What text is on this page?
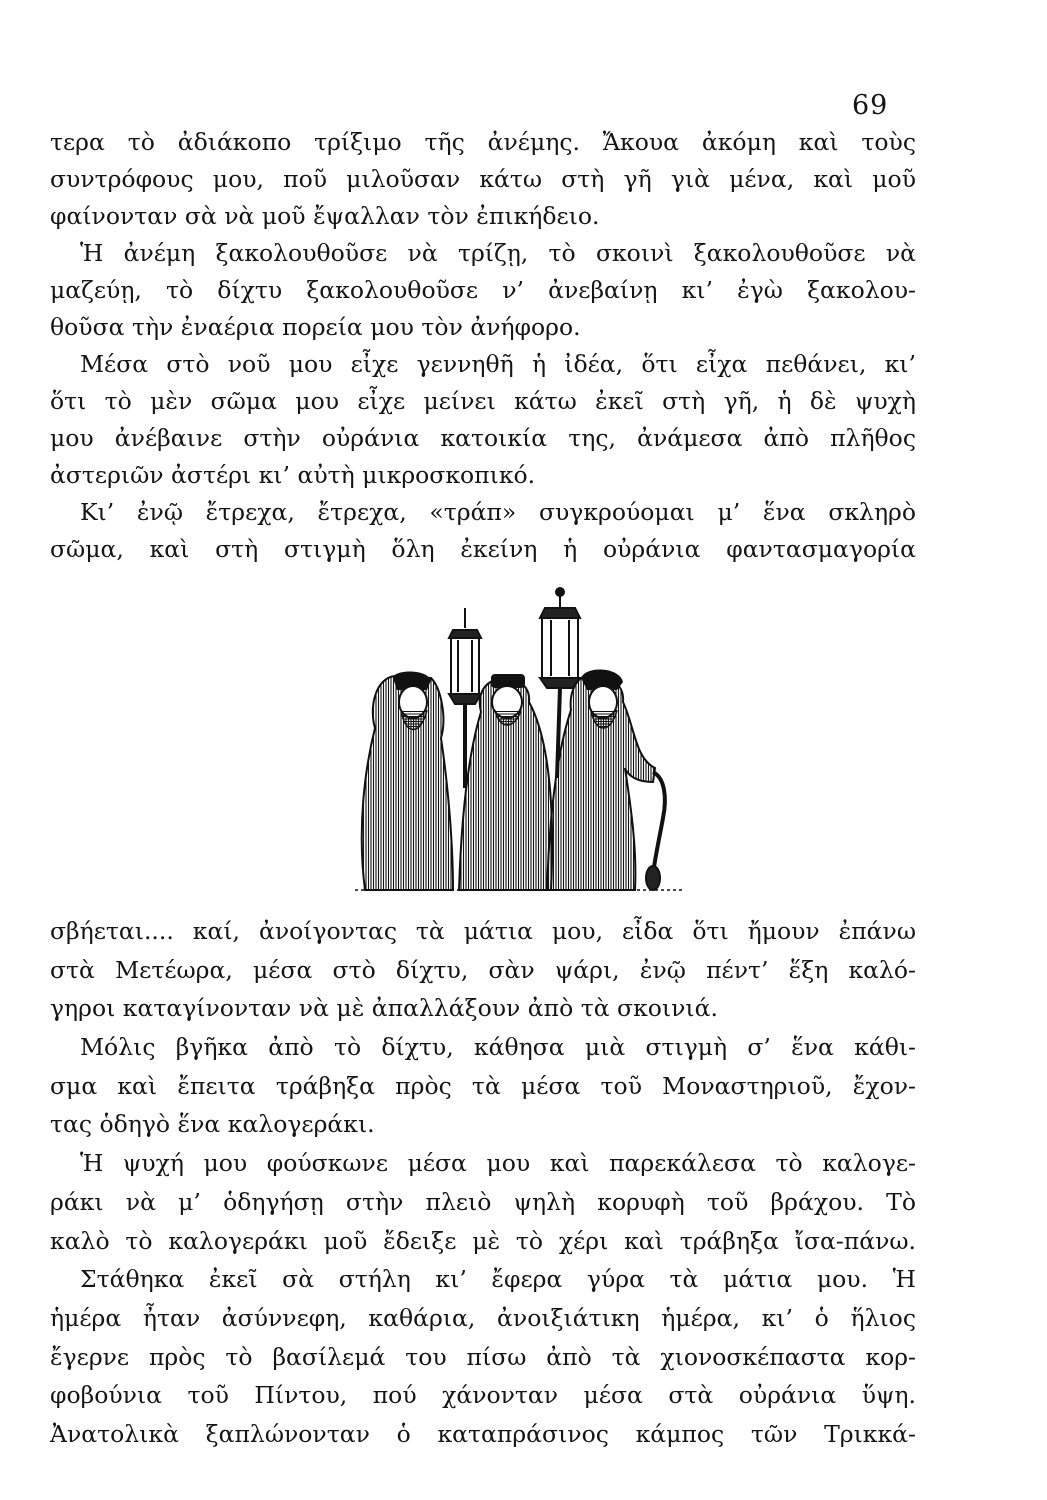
69
τερα τὸ ἀδιάκοπο τρίξιμο τῆς ἀνέμης. Ἄκουα ἀκόμη καὶ τοὺς
συντρόφους μου, ποῦ μιλοῦσαν κάτω στὴ γῆ γιὰ μένα, καὶ μοῦ
φαίνονταν σὰ νὰ μοῦ ἔψαλλαν τὸν ἐπικήδειο.
Ἡ ἀνέμη ξακολουθοῦσε νὰ τρίζῃ, τὸ σκοινὶ ξακολουθοῦσε νὰ
μαζεύῃ, τὸ δίχτυ ξακολουθοῦσε ν’ ἀνεβαίνῃ κι’ ἐγὼ ξακολου-
θοῦσα τὴν ἐναέρια πορεία μου τὸν ἀνήφορο.
Μέσα στὸ νοῦ μου εἶχε γεννηθῆ ἡ ἰδέα, ὅτι εἶχα πεθάνει, κι’
ὅτι τὸ μὲν σῶμα μου εἶχε μείνει κάτω ἐκεῖ στὴ γῆ, ἡ δὲ ψυχὴ
μου ἀνέβαινε στὴν οὐράνια κατοικία της, ἀνάμεσα ἀπὸ πλῆθος
ἀστεριῶν ἀστέρι κι’ αὐτὴ μικροσκοπικό.
Κι’ ἐνῷ ἔτρεχα, ἔτρεχα, «τράπ» συγκρούομαι μ’ ἕνα σκληρὸ
σῶμα, καὶ στὴ στιγμὴ ὅλη ἐκείνη ἡ οὐράνια φαντασμαγορία
σβήεται.... καί, ἀνοίγοντας τὰ μάτια μου, εἶδα ὅτι ἤμουν ἐπάνω
στὰ Μετέωρα, μέσα στὸ δίχτυ, σὰν ψάρι, ἐνῷ πέντ’ ἕξη καλό-
γηροι καταγίνονταν νὰ μὲ ἀπαλλάξουν ἀπὸ τὰ σκοινιά.
Μόλις βγῆκα ἀπὸ τὸ δίχτυ, κάθησα μιὰ στιγμὴ σ’ ἕνα κάθι-
σμα καὶ ἔπειτα τράβηξα πρὸς τὰ μέσα τοῦ Μοναστηριοῦ, ἔχον-
τας ὁδηγὸ ἕνα καλογεράκι.
Ἡ ψυχή μου φούσκωνε μέσα μου καὶ παρεκάλεσα τὸ καλογε-
ράκι νὰ μ’ ὁδηγήσῃ στὴν πλειὸ ψηλὴ κορυφὴ τοῦ βράχου. Τὸ
καλὸ τὸ καλογεράκι μοῦ ἔδειξε μὲ τὸ χέρι καὶ τράβηξα ἴσα-πάνω.
Στάθηκα ἐκεῖ σὰ στήλη κι’ ἔφερα γύρα τὰ μάτια μου. Ἡ
ἡμέρα ἦταν ἀσύννεφη, καθάρια, ἀνοιξιάτικη ἡμέρα, κι’ ὁ ἥλιος
ἔγερνε πρὸς τὸ βασίλεμά του πίσω ἀπὸ τὰ χιονοσκέπαστα κορ-
φοβούνια τοῦ Πίντου, πού χάνονταν μέσα στὰ οὐράνια ὕψη.
Ἀνατολικὰ ξαπλώνονταν ὁ καταπράσινος κάμπος τῶν Τρικκά-
